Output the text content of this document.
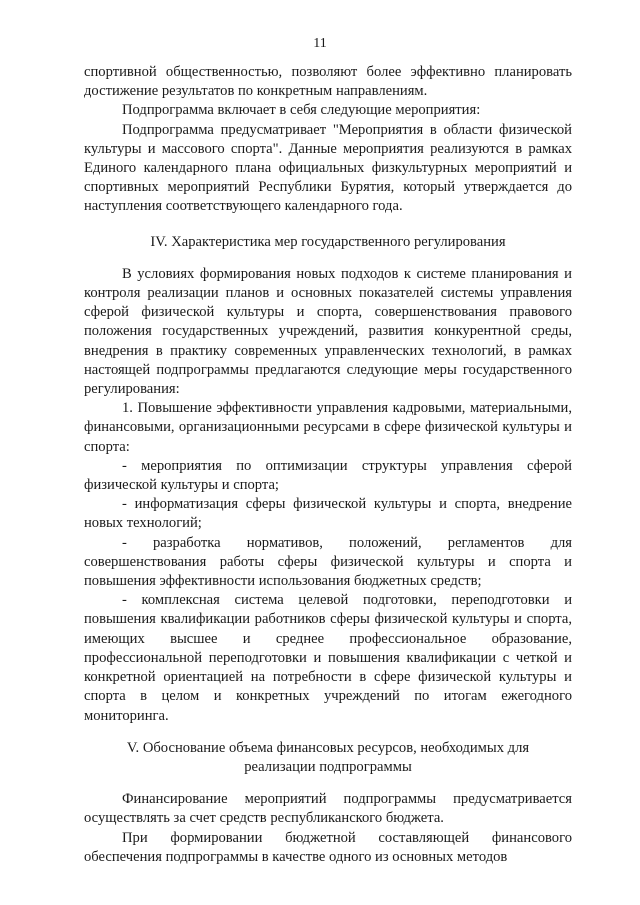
11

спортивной общественностью, позволяют более эффективно планировать достижение результатов по конкретным направлениям.

Подпрограмма включает в себя следующие мероприятия:

Подпрограмма предусматривает "Мероприятия в области физической культуры и массового спорта". Данные мероприятия реализуются в рамках Единого календарного плана официальных физкультурных мероприятий и спортивных мероприятий Республики Бурятия, который утверждается до наступления соответствующего календарного года.

IV. Характеристика мер государственного регулирования

В условиях формирования новых подходов к системе планирования и контроля реализации планов и основных показателей системы управления сферой физической культуры и спорта, совершенствования правового положения государственных учреждений, развития конкурентной среды, внедрения в практику современных управленческих технологий, в рамках настоящей подпрограммы предлагаются следующие меры государственного регулирования:

1. Повышение эффективности управления кадровыми, материальными, финансовыми, организационными ресурсами в сфере физической культуры и спорта:

- мероприятия по оптимизации структуры управления сферой физической культуры и спорта;

- информатизация сферы физической культуры и спорта, внедрение новых технологий;

- разработка нормативов, положений, регламентов для совершенствования работы сферы физической культуры и спорта и повышения эффективности использования бюджетных средств;

- комплексная система целевой подготовки, переподготовки и повышения квалификации работников сферы физической культуры и спорта, имеющих высшее и среднее профессиональное образование, профессиональной переподготовки и повышения квалификации с четкой и конкретной ориентацией на потребности в сфере физической культуры и спорта в целом и конкретных учреждений по итогам ежегодного мониторинга.

V. Обоснование объема финансовых ресурсов, необходимых для

реализации подпрограммы

Финансирование мероприятий подпрограммы предусматривается осуществлять за счет средств республиканского бюджета.

При формировании бюджетной составляющей финансового обеспечения подпрограммы в качестве одного из основных методов
